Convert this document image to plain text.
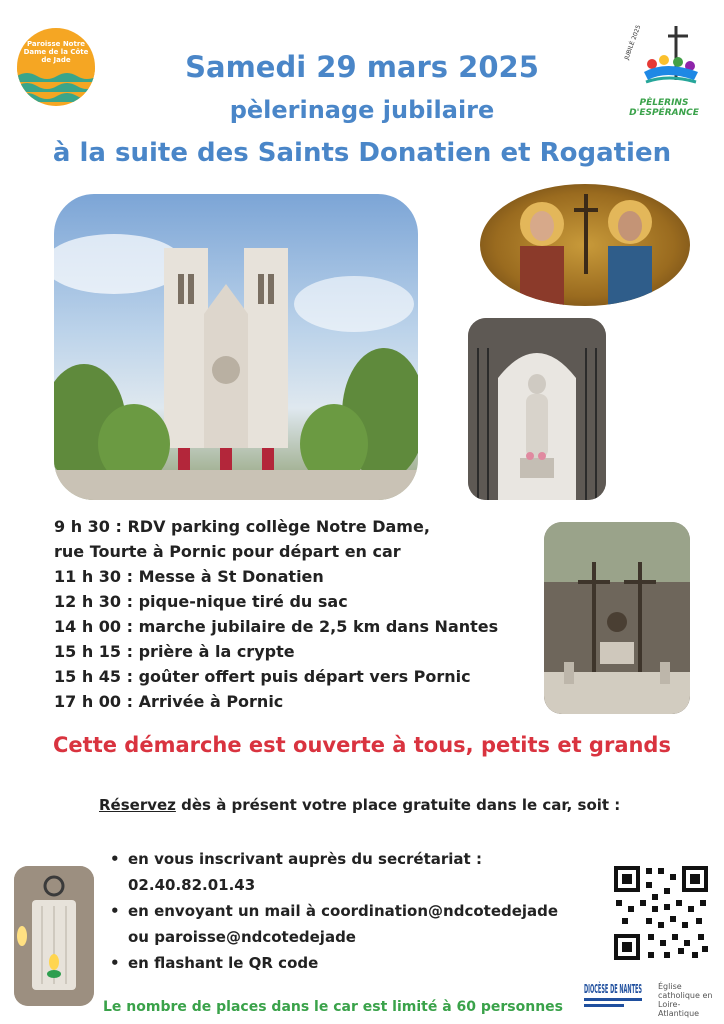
Paroisse Notre Dame de la Côte de Jade	JUBILÉ 2025
PÈLERINS D'ESPÉRANCE
Samedi 29 mars 2025
pèlerinage jubilaire
à la suite des Saints Donatien et Rogatien
9 h 30 : RDV parking collège Notre Dame,
rue Tourte à Pornic pour départ en car
11 h 30 : Messe à St Donatien
12 h 30 : pique-nique tiré du sac
14 h 00 : marche jubilaire de 2,5 km dans Nantes
15 h 15 : prière à la crypte
15 h 45 : goûter offert puis départ vers Pornic
17 h 00 : Arrivée à Pornic
Cette démarche est ouverte à tous, petits et grands
Réservez dès à présent votre place gratuite dans le car, soit :
• en vous inscrivant auprès du secrétariat :
02.40.82.01.43
• en envoyant un mail à coordination@ndcotedejade
ou paroisse@ndcotedejade
• en flashant le QR code
DIOCÈSE Église catholique en Loire-Atlantique
Le nombre de places dans le car est limité à 60 personnes
